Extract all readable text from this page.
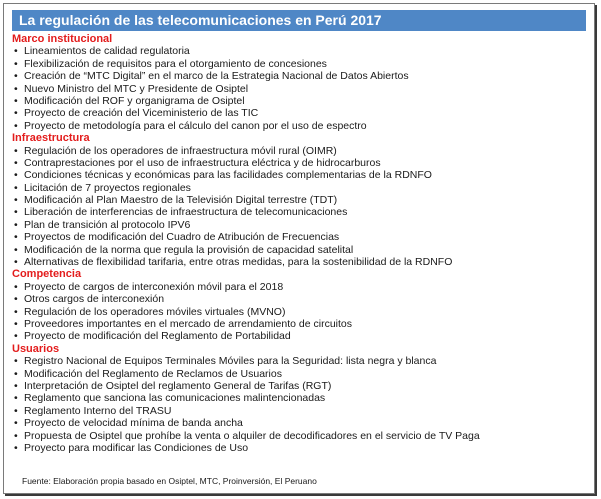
La regulación de las telecomunicaciones en Perú 2017
Marco institucional
• Lineamientos de calidad regulatoria
• Flexibilización de requisitos para el otorgamiento de concesiones
• Creación de “MTC Digital” en el marco de la Estrategia Nacional de Datos Abiertos
• Nuevo Ministro del MTC y Presidente de Osiptel
• Modificación del ROF y organigrama de Osiptel
• Proyecto de creación del Viceministerio de las TIC
• Proyecto de metodología para el cálculo del canon por el uso de espectro
Infraestructura
• Regulación de los operadores de infraestructura móvil rural (OIMR)
• Contraprestaciones por el uso de infraestructura eléctrica y de hidrocarburos
• Condiciones técnicas y económicas para las facilidades complementarias de la RDNFO
• Licitación de 7 proyectos regionales
• Modificación al Plan Maestro de la Televisión Digital terrestre (TDT)
• Liberación de interferencias de infraestructura de telecomunicaciones
• Plan de transición al protocolo IPV6
• Proyectos de modificación del Cuadro de Atribución de Frecuencias
• Modificación de la norma que regula la provisión de capacidad satelital
• Alternativas de flexibilidad tarifaria, entre otras medidas, para la sostenibilidad de la RDNFO
Competencia
• Proyecto de cargos de interconexión móvil para el 2018
• Otros cargos de interconexión
• Regulación de los operadores móviles virtuales (MVNO)
• Proveedores importantes en el mercado de arrendamiento de circuitos
• Proyecto de modificación del Reglamento de Portabilidad
Usuarios
• Registro Nacional de Equipos Terminales Móviles para la Seguridad: lista negra y blanca
• Modificación del Reglamento de Reclamos de Usuarios
• Interpretación de Osiptel del reglamento General de Tarifas (RGT)
• Reglamento que sanciona las comunicaciones malintencionadas
• Reglamento Interno del TRASU
• Proyecto de velocidad mínima de banda ancha
• Propuesta de Osiptel que prohíbe la venta o alquiler de decodificadores en el servicio de TV Paga
• Proyecto para modificar las Condiciones de Uso
Fuente: Elaboración propia basado en Osiptel, MTC, Proinversión, El Peruano
